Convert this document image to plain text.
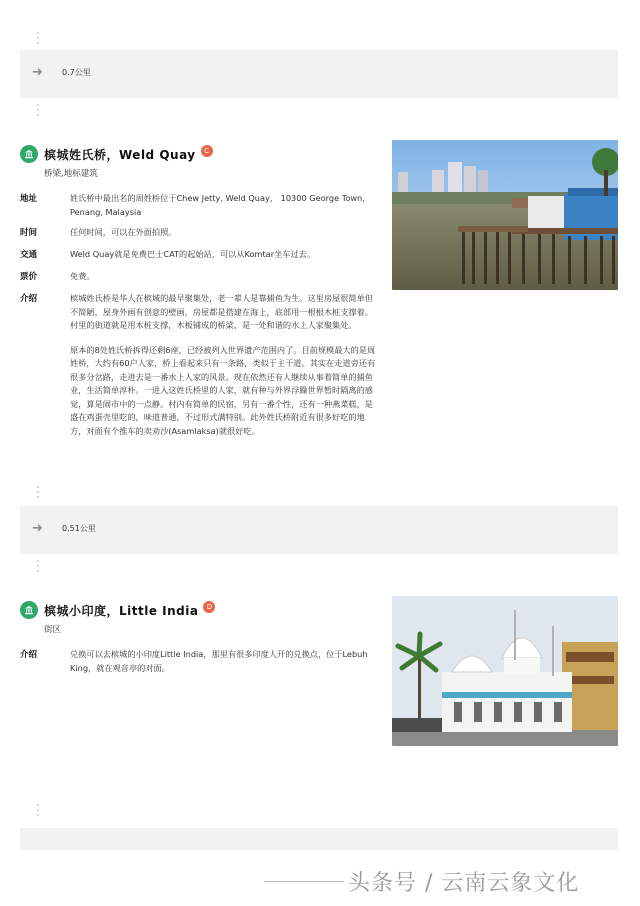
➜ 0.7公里
槟城姓氏桥，Weld Quay	C
桥梁,地标建筑
地址	姓氏桥中最出名的周姓桥位于Chew Jetty, Weld Quay， 10300 George Town，Penang, Malaysia
时间	任何时间，可以在外面拍照。
交通	Weld Quay就是免费巴士CAT的起始站，可以从Komtar坐车过去。
票价	免费。
介绍	槟城姓氏桥是华人在槟城的最早聚集处，老一辈人是靠捕鱼为生。这里房屋很简单但不简陋，屋身外画有创意的壁画，房屋都是搭建在海上，底部用一根根木桩支撑着。村里的街道就是用木桩支撑，木板铺成的桥梁，是一处和谐的水上人家聚集处。

原本的8处姓氏桥拆得还剩6座，已经被列入世界遗产范围内了。目前规模最大的是周姓桥，大约有60户人家，桥上看起来只有一条路，类似于主干道。其实在走道旁还有很多分岔路，走进去是一番水上人家的风景。现在依然还有人继续从事着简单的捕鱼业，生活简单淳朴。一进入这姓氏桥里的人家，就有种与外界浮躁世界暂时隔离的感觉，算是闹市中的一点静。村内有简单的民宿，另有一番个性，还有一种燕菜糕，是盛在鸡蛋壳里吃的，味道普通，不过形式满特别。此外姓氏桥附近有很多好吃的地方，对面有个推车的卖劝沙(Asamlaksa)就很好吃。

➜ 0.51公里
槟城小印度，Little India	D
街区
介绍	兑换可以去槟城的小印度Little India，那里有很多印度人开的兑换点，位于Lebuh King，就在观音亭的对面。
头条号 / 云南云象文化
